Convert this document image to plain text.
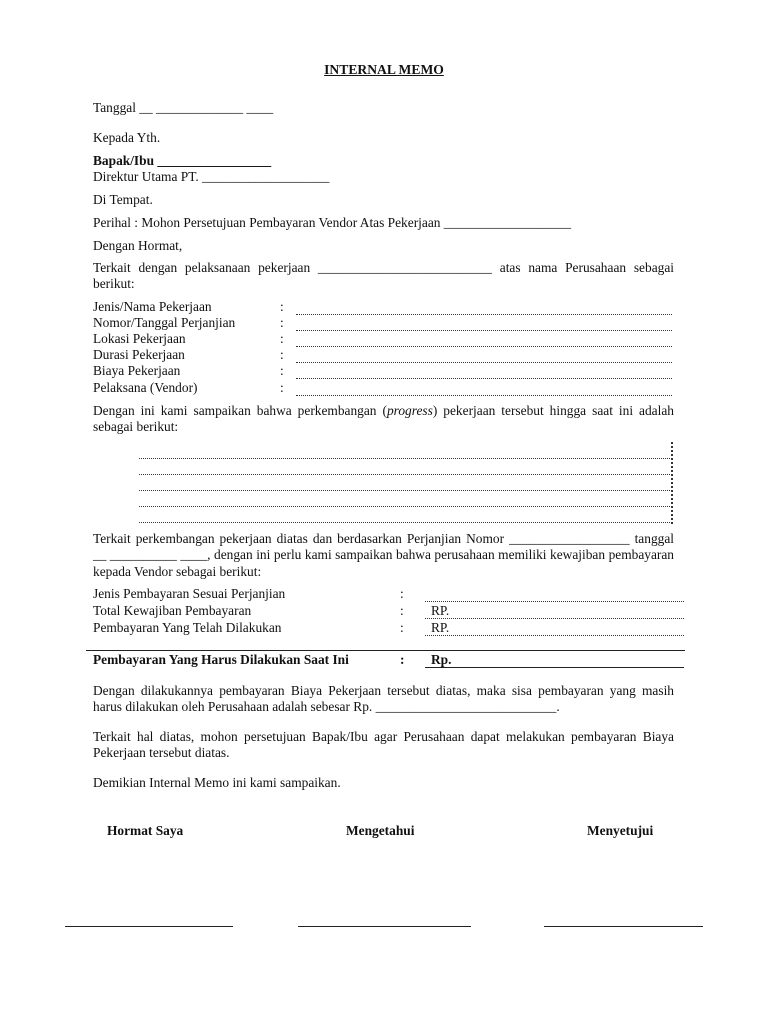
INTERNAL MEMO
Tanggal __ _____________ ____
Kepada Yth.
Bapak/Ibu _________________
Direktur Utama PT. ___________________
Di Tempat.
Perihal : Mohon Persetujuan Pembayaran Vendor Atas Pekerjaan ___________________
Dengan Hormat,
Terkait dengan pelaksanaan pekerjaan __________________________ atas nama Perusahaan sebagai berikut:
Jenis/Nama Pekerjaan	:
Nomor/Tanggal Perjanjian	:
Lokasi Pekerjaan	:
Durasi Pekerjaan	:
Biaya Pekerjaan	:
Pelaksana (Vendor)	:
Dengan ini kami sampaikan bahwa perkembangan (progress) pekerjaan tersebut hingga saat ini adalah sebagai berikut:
Terkait perkembangan pekerjaan diatas dan berdasarkan Perjanjian Nomor __________________ tanggal __ __________ ____, dengan ini perlu kami sampaikan bahwa perusahaan memiliki kewajiban pembayaran kepada Vendor sebagai berikut:
Jenis Pembayaran Sesuai Perjanjian	:
Total Kewajiban Pembayaran	: RP.
Pembayaran Yang Telah Dilakukan	: RP.
Pembayaran Yang Harus Dilakukan Saat Ini	: Rp.
Dengan dilakukannya pembayaran Biaya Pekerjaan tersebut diatas, maka sisa pembayaran yang masih harus dilakukan oleh Perusahaan adalah sebesar Rp. ___________________________.
Terkait hal diatas, mohon persetujuan Bapak/Ibu agar Perusahaan dapat melakukan pembayaran Biaya Pekerjaan tersebut diatas.
Demikian Internal Memo ini kami sampaikan.
Hormat Saya	Mengetahui	Menyetujui
